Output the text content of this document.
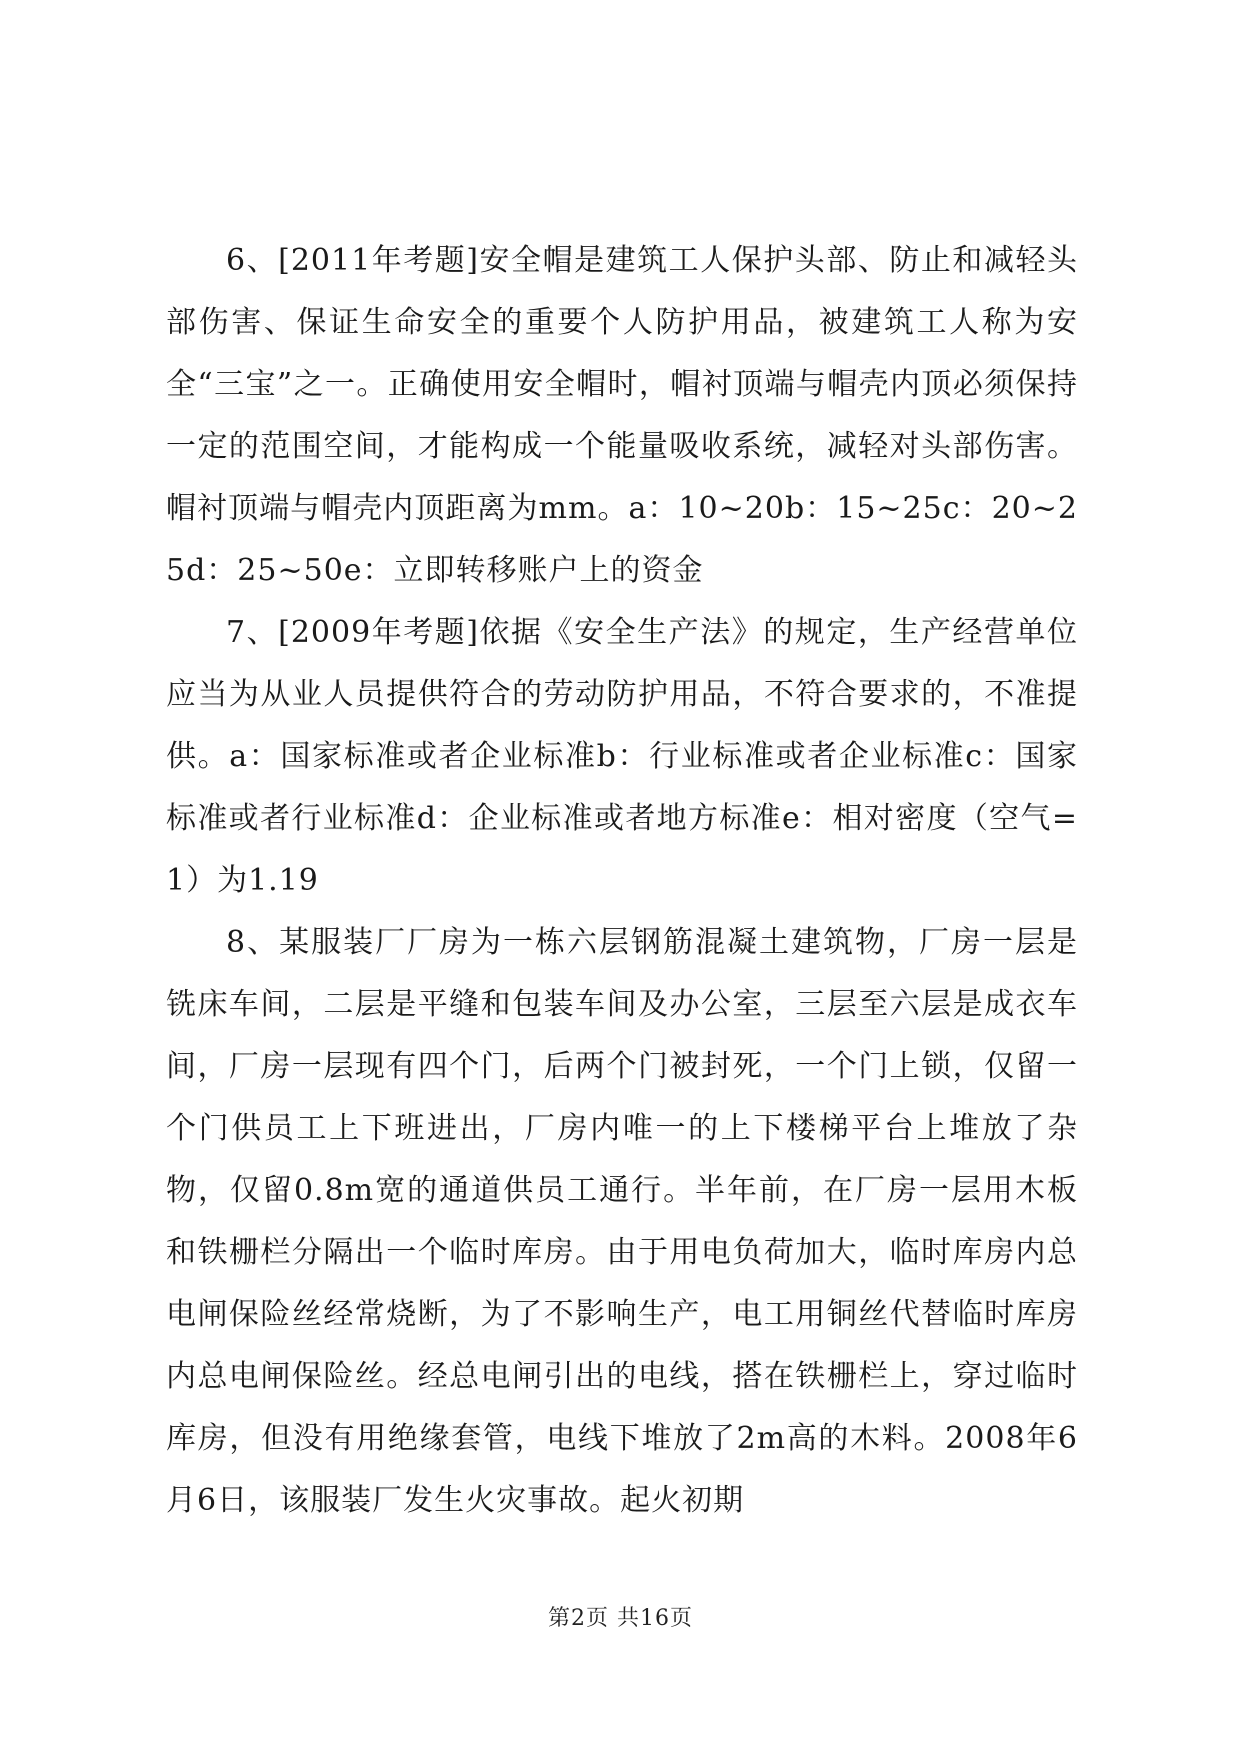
6、[2011年考题]安全帽是建筑工人保护头部、防止和减轻头部伤害、保证生命安全的重要个人防护用品，被建筑工人称为安全“三宝”之一。正确使用安全帽时，帽衬顶端与帽壳内顶必须保持一定的范围空间，才能构成一个能量吸收系统，减轻对头部伤害。帽衬顶端与帽壳内顶距离为mm。a：10~20b：15~25c：20~25d：25~50e：立即转移账户上的资金

7、[2009年考题]依据《安全生产法》的规定，生产经营单位应当为从业人员提供符合的劳动防护用品，不符合要求的，不准提供。a：国家标准或者企业标准b：行业标准或者企业标准c：国家标准或者行业标准d：企业标准或者地方标准e：相对密度（空气=1）为1.19

8、某服装厂厂房为一栋六层钢筋混凝土建筑物，厂房一层是铣床车间，二层是平缝和包装车间及办公室，三层至六层是成衣车间，厂房一层现有四个门，后两个门被封死，一个门上锁，仅留一个门供员工上下班进出，厂房内唯一的上下楼梯平台上堆放了杂物，仅留0.8m宽的通道供员工通行。半年前，在厂房一层用木板和铁栅栏分隔出一个临时库房。由于用电负荷加大，临时库房内总电闸保险丝经常烧断，为了不影响生产，电工用铜丝代替临时库房内总电闸保险丝。经总电闸引出的电线，搭在铁栅栏上，穿过临时库房，但没有用绝缘套管，电线下堆放了2m高的木料。2008年6月6日，该服装厂发生火灾事故。起火初期

第2页 共16页
